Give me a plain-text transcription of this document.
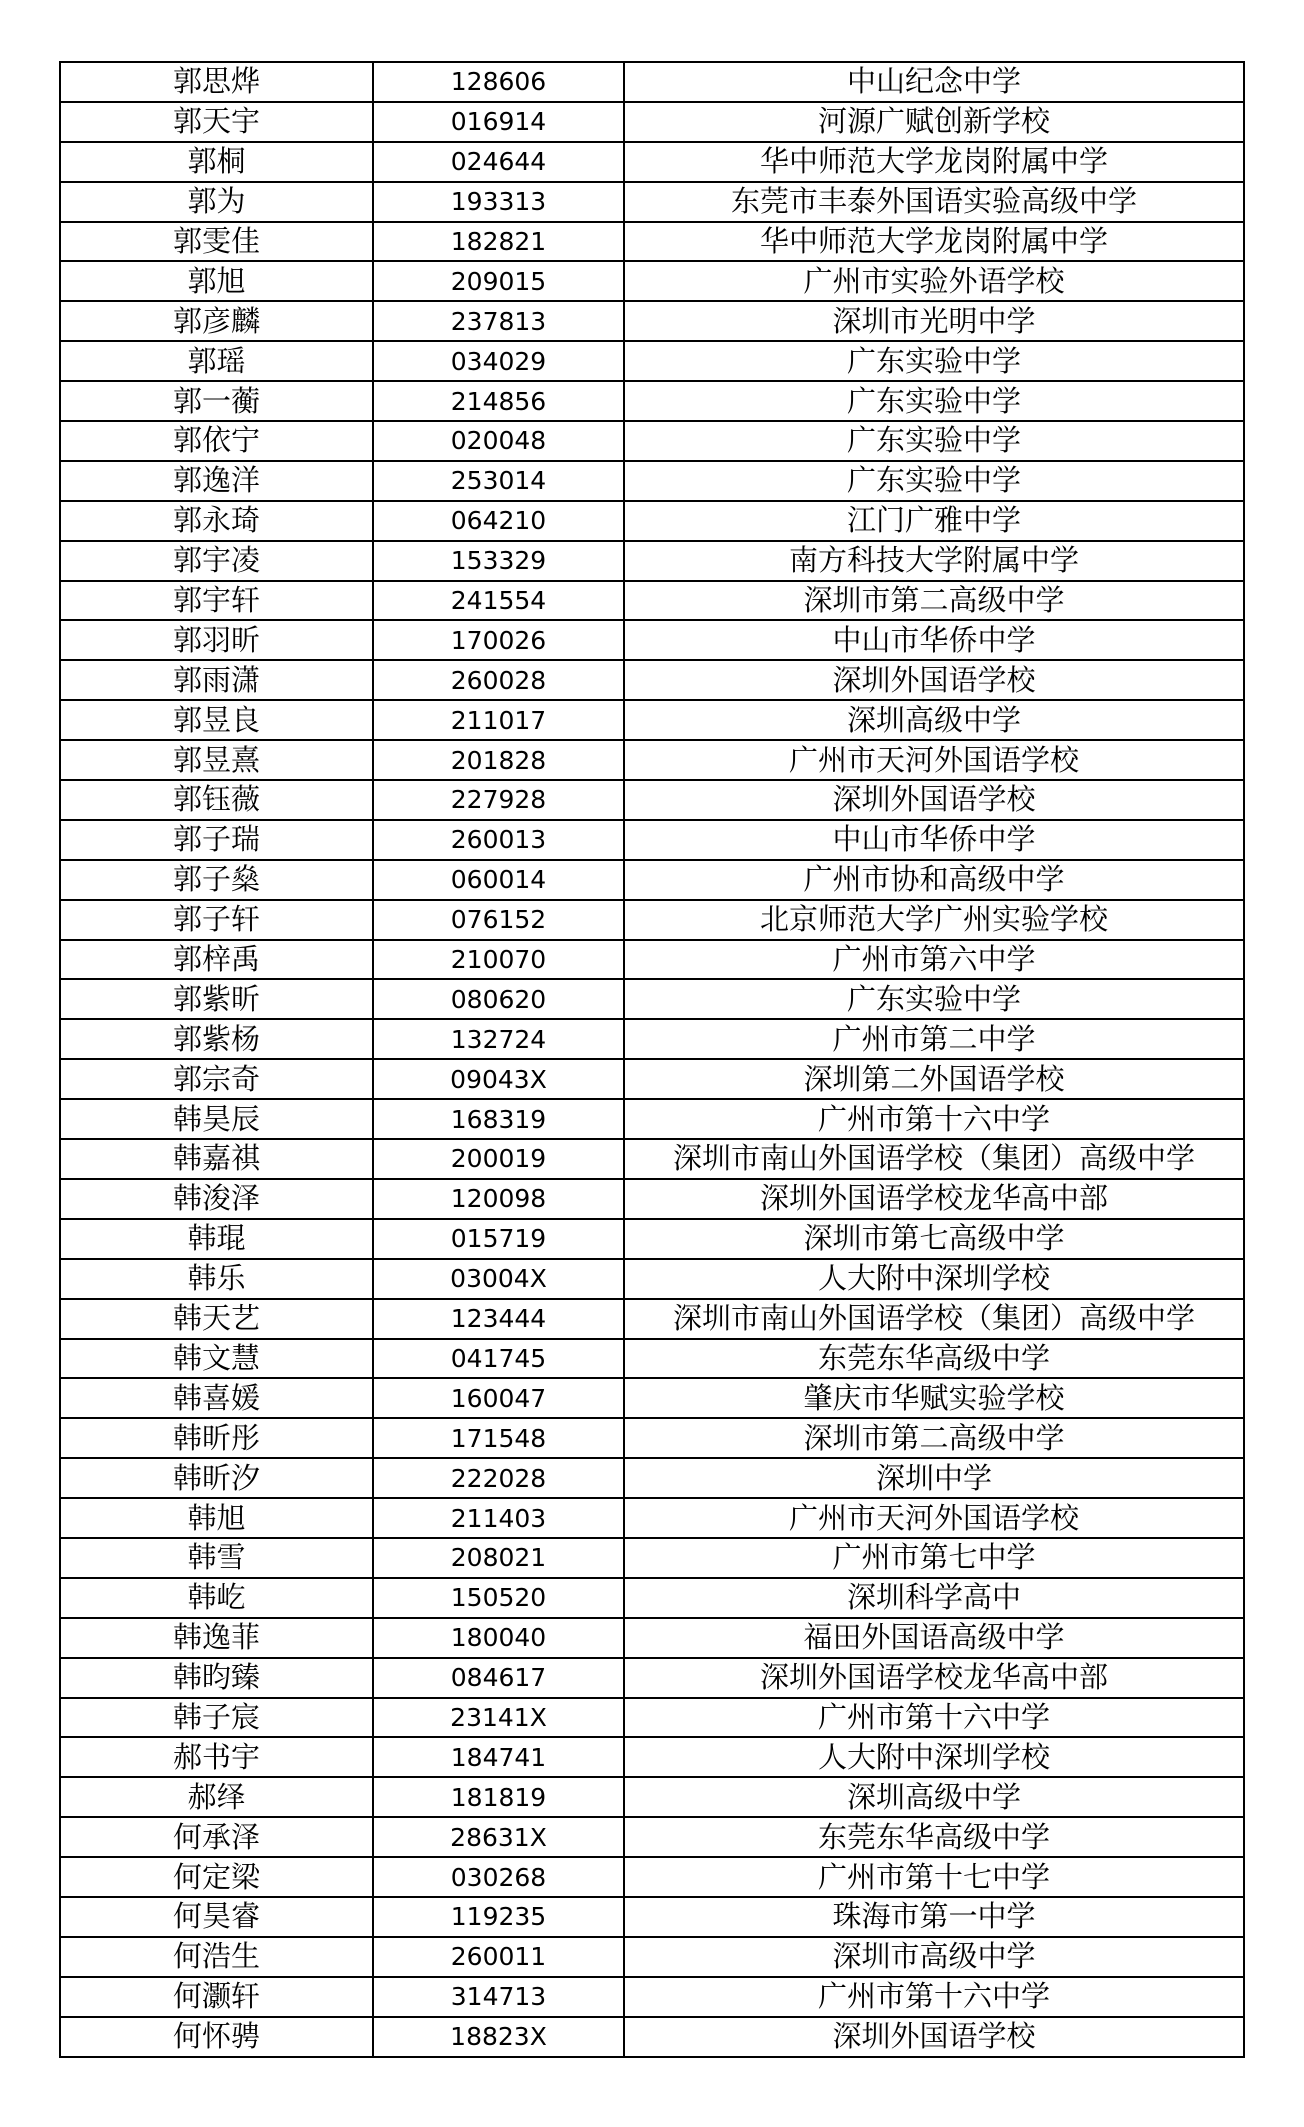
郭思烨	128606	中山纪念中学
郭天宇	016914	河源广赋创新学校
郭桐	024644	华中师范大学龙岗附属中学
郭为	193313	东莞市丰泰外国语实验高级中学
郭雯佳	182821	华中师范大学龙岗附属中学
郭旭	209015	广州市实验外语学校
郭彦麟	237813	深圳市光明中学
郭瑶	034029	广东实验中学
郭一蘅	214856	广东实验中学
郭依宁	020048	广东实验中学
郭逸洋	253014	广东实验中学
郭永琦	064210	江门广雅中学
郭宇凌	153329	南方科技大学附属中学
郭宇轩	241554	深圳市第二高级中学
郭羽昕	170026	中山市华侨中学
郭雨潇	260028	深圳外国语学校
郭昱良	211017	深圳高级中学
郭昱熹	201828	广州市天河外国语学校
郭钰薇	227928	深圳外国语学校
郭子瑞	260013	中山市华侨中学
郭子燊	060014	广州市协和高级中学
郭子轩	076152	北京师范大学广州实验学校
郭梓禹	210070	广州市第六中学
郭紫昕	080620	广东实验中学
郭紫杨	132724	广州市第二中学
郭宗奇	09043X	深圳第二外国语学校
韩昊辰	168319	广州市第十六中学
韩嘉祺	200019	深圳市南山外国语学校（集团）高级中学
韩浚泽	120098	深圳外国语学校龙华高中部
韩琨	015719	深圳市第七高级中学
韩乐	03004X	人大附中深圳学校
韩天艺	123444	深圳市南山外国语学校（集团）高级中学
韩文慧	041745	东莞东华高级中学
韩喜媛	160047	肇庆市华赋实验学校
韩昕彤	171548	深圳市第二高级中学
韩昕汐	222028	深圳中学
韩旭	211403	广州市天河外国语学校
韩雪	208021	广州市第七中学
韩屹	150520	深圳科学高中
韩逸菲	180040	福田外国语高级中学
韩昀臻	084617	深圳外国语学校龙华高中部
韩子宸	23141X	广州市第十六中学
郝书宇	184741	人大附中深圳学校
郝绎	181819	深圳高级中学
何承泽	28631X	东莞东华高级中学
何定梁	030268	广州市第十七中学
何昊睿	119235	珠海市第一中学
何浩生	260011	深圳市高级中学
何灏轩	314713	广州市第十六中学
何怀骋	18823X	深圳外国语学校
